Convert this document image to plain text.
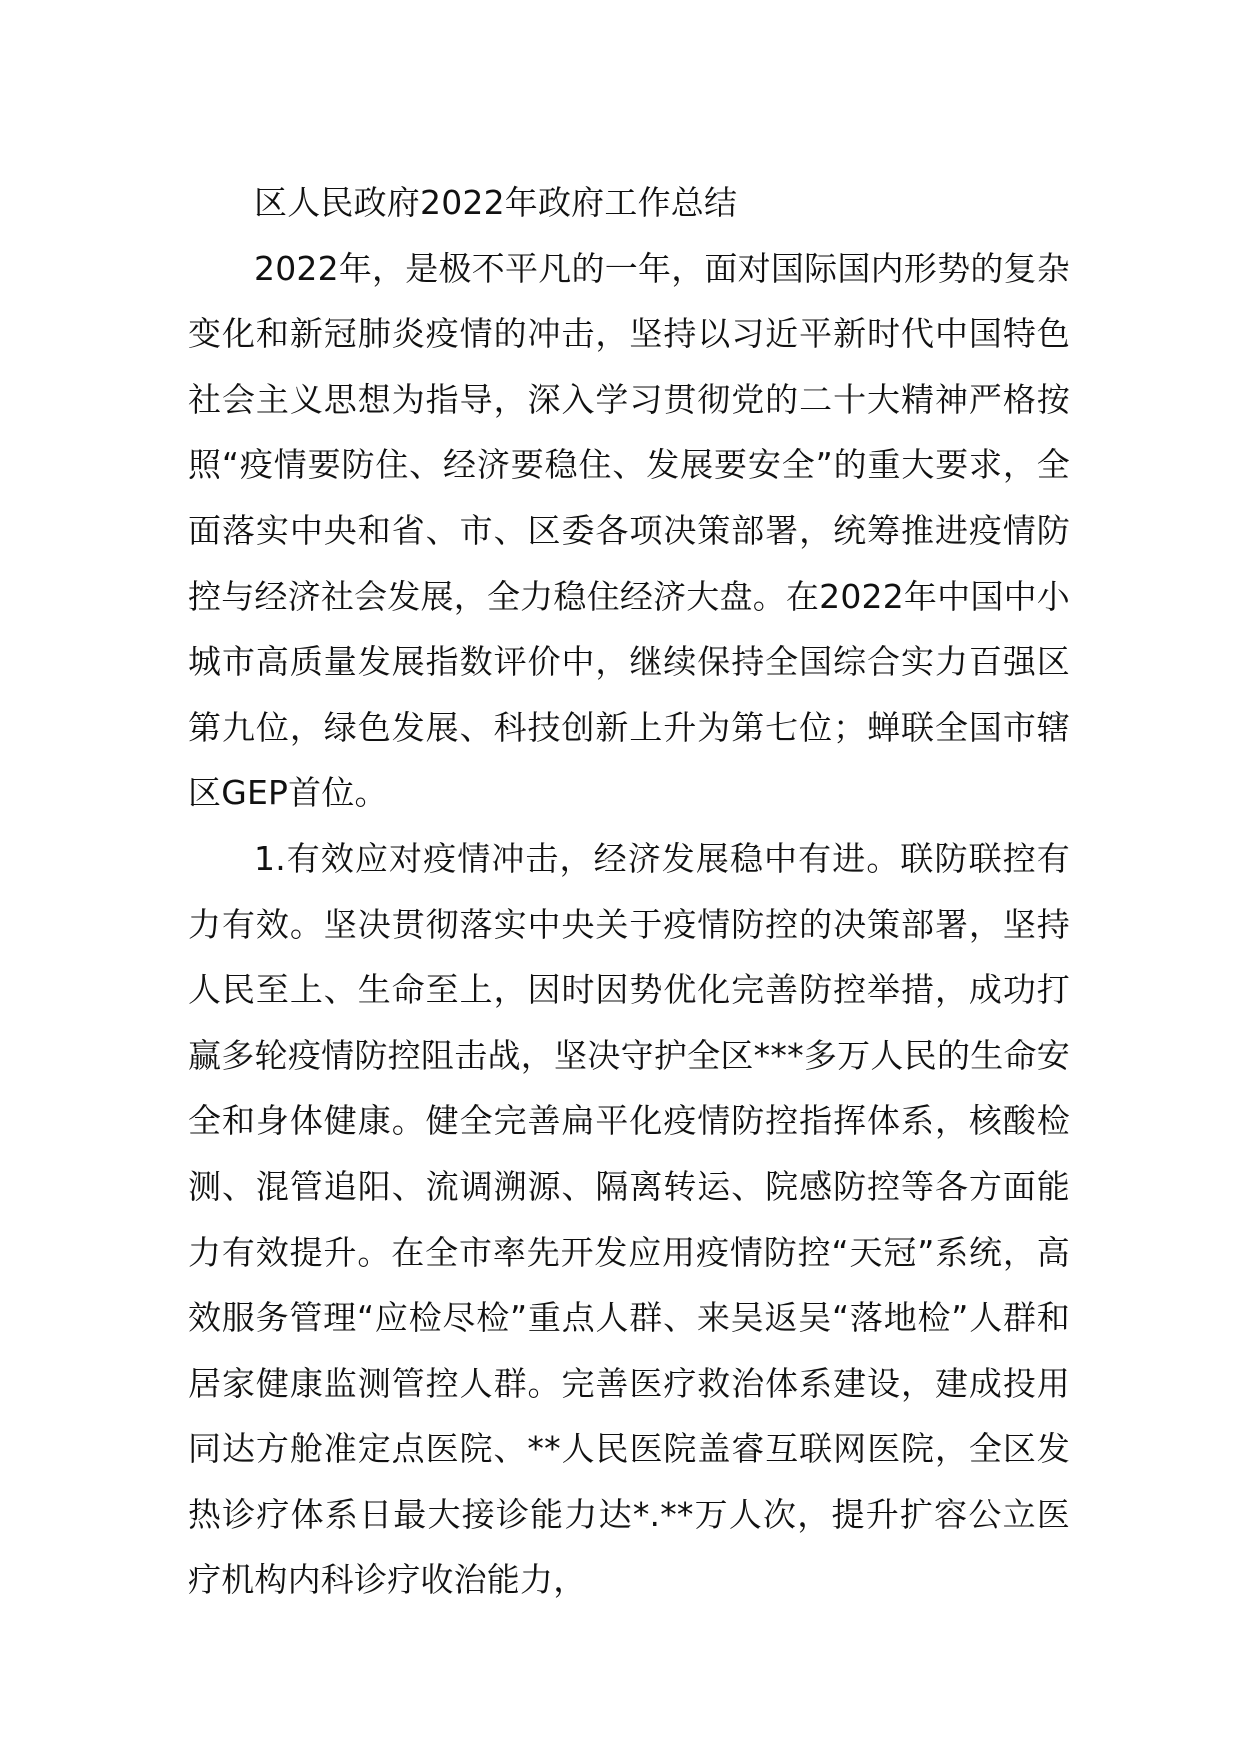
区人民政府2022年政府工作总结

2022年，是极不平凡的一年，面对国际国内形势的复杂变化和新冠肺炎疫情的冲击，坚持以习近平新时代中国特色社会主义思想为指导，深入学习贯彻党的二十大精神严格按照“疫情要防住、经济要稳住、发展要安全”的重大要求，全面落实中央和省、市、区委各项决策部署，统筹推进疫情防控与经济社会发展，全力稳住经济大盘。在2022年中国中小城市高质量发展指数评价中，继续保持全国综合实力百强区第九位，绿色发展、科技创新上升为第七位；蝉联全国市辖区GEP首位。

1.有效应对疫情冲击，经济发展稳中有进。联防联控有力有效。坚决贯彻落实中央关于疫情防控的决策部署，坚持人民至上、生命至上，因时因势优化完善防控举措，成功打赢多轮疫情防控阻击战，坚决守护全区***多万人民的生命安全和身体健康。健全完善扁平化疫情防控指挥体系，核酸检测、混管追阳、流调溯源、隔离转运、院感防控等各方面能力有效提升。在全市率先开发应用疫情防控“天冠”系统，高效服务管理“应检尽检”重点人群、来吴返吴“落地检”人群和居家健康监测管控人群。完善医疗救治体系建设，建成投用同达方舱准定点医院、**人民医院盖睿互联网医院，全区发热诊疗体系日最大接诊能力达*.**万人次，提升扩容公立医疗机构内科诊疗收治能力，
